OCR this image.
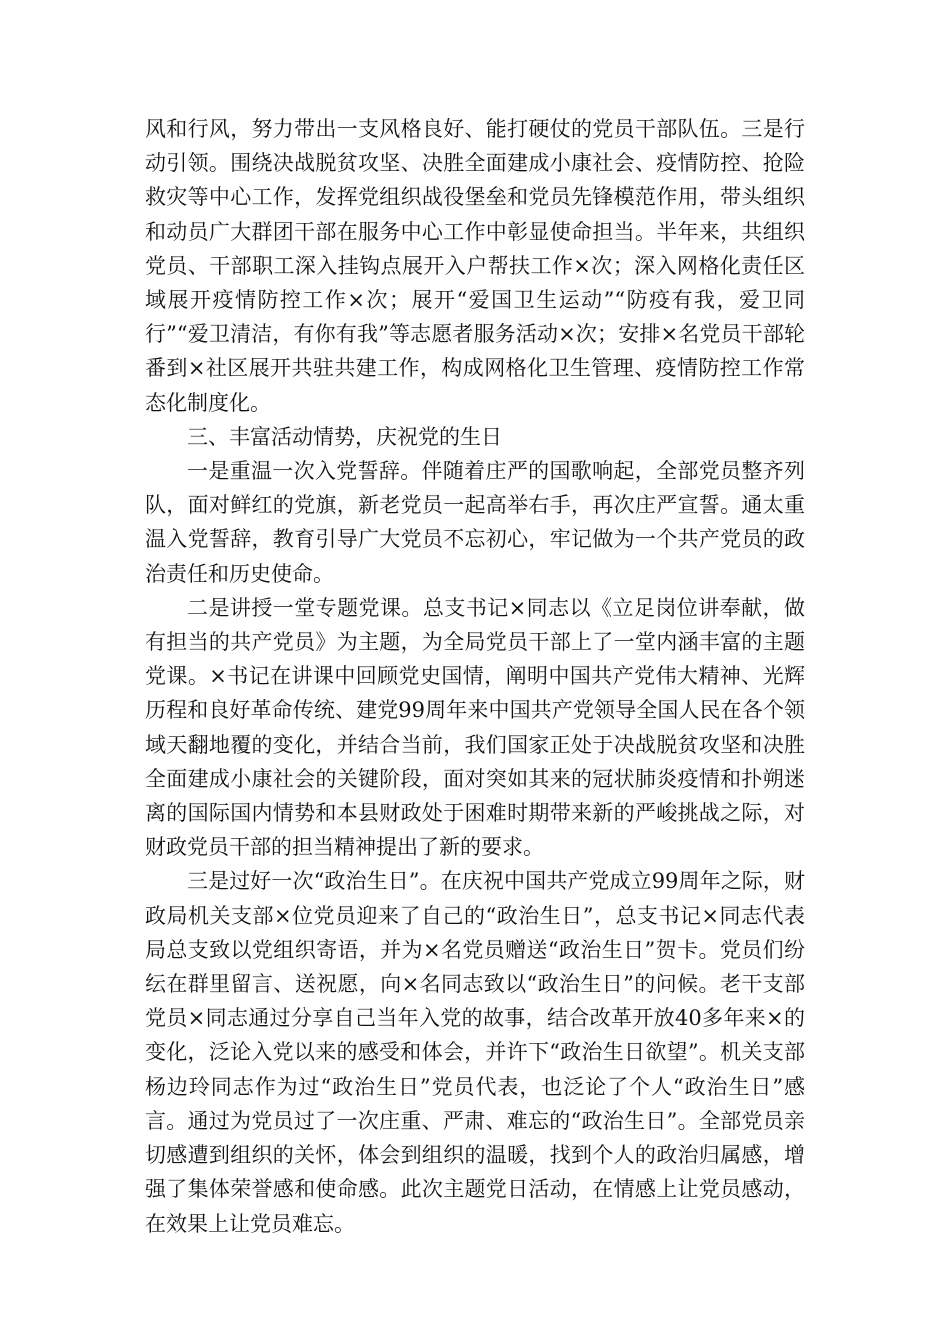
风和行风，努力带出一支风格良好、能打硬仗的党员干部队伍。三是行动引领。围绕决战脱贫攻坚、决胜全面建成小康社会、疫情防控、抢险救灾等中心工作，发挥党组织战役堡垒和党员先锋模范作用，带头组织和动员广大群团干部在服务中心工作中彰显使命担当。半年来，共组织党员、干部职工深入挂钩点展开入户帮扶工作×次；深入网格化责任区域展开疫情防控工作×次；展开“爱国卫生运动”“防疫有我，爱卫同行”“爱卫清洁，有你有我”等志愿者服务活动×次；安排×名党员干部轮番到×社区展开共驻共建工作，构成网格化卫生管理、疫情防控工作常态化制度化。

三、丰富活动情势，庆祝党的生日

一是重温一次入党誓辞。伴随着庄严的国歌响起，全部党员整齐列队，面对鲜红的党旗，新老党员一起高举右手，再次庄严宣誓。通太重温入党誓辞，教育引导广大党员不忘初心，牢记做为一个共产党员的政治责任和历史使命。

二是讲授一堂专题党课。总支书记×同志以《立足岗位讲奉献，做有担当的共产党员》为主题，为全局党员干部上了一堂内涵丰富的主题党课。×书记在讲课中回顾党史国情，阐明中国共产党伟大精神、光辉历程和良好革命传统、建党99周年来中国共产党领导全国人民在各个领域天翻地覆的变化，并结合当前，我们国家正处于决战脱贫攻坚和决胜全面建成小康社会的关键阶段，面对突如其来的冠状肺炎疫情和扑朔迷离的国际国内情势和本县财政处于困难时期带来新的严峻挑战之际，对财政党员干部的担当精神提出了新的要求。

三是过好一次“政治生日”。在庆祝中国共产党成立99周年之际，财政局机关支部×位党员迎来了自己的“政治生日”，总支书记×同志代表局总支致以党组织寄语，并为×名党员赠送“政治生日”贺卡。党员们纷纭在群里留言、送祝愿，向×名同志致以“政治生日”的问候。老干支部党员×同志通过分享自己当年入党的故事，结合改革开放40多年来×的变化，泛论入党以来的感受和体会，并许下“政治生日欲望”。机关支部杨边玲同志作为过“政治生日”党员代表，也泛论了个人“政治生日”感言。通过为党员过了一次庄重、严肃、难忘的“政治生日”。全部党员亲切感遭到组织的关怀，体会到组织的温暖，找到个人的政治归属感，增强了集体荣誉感和使命感。此次主题党日活动，在情感上让党员感动，在效果上让党员难忘。
